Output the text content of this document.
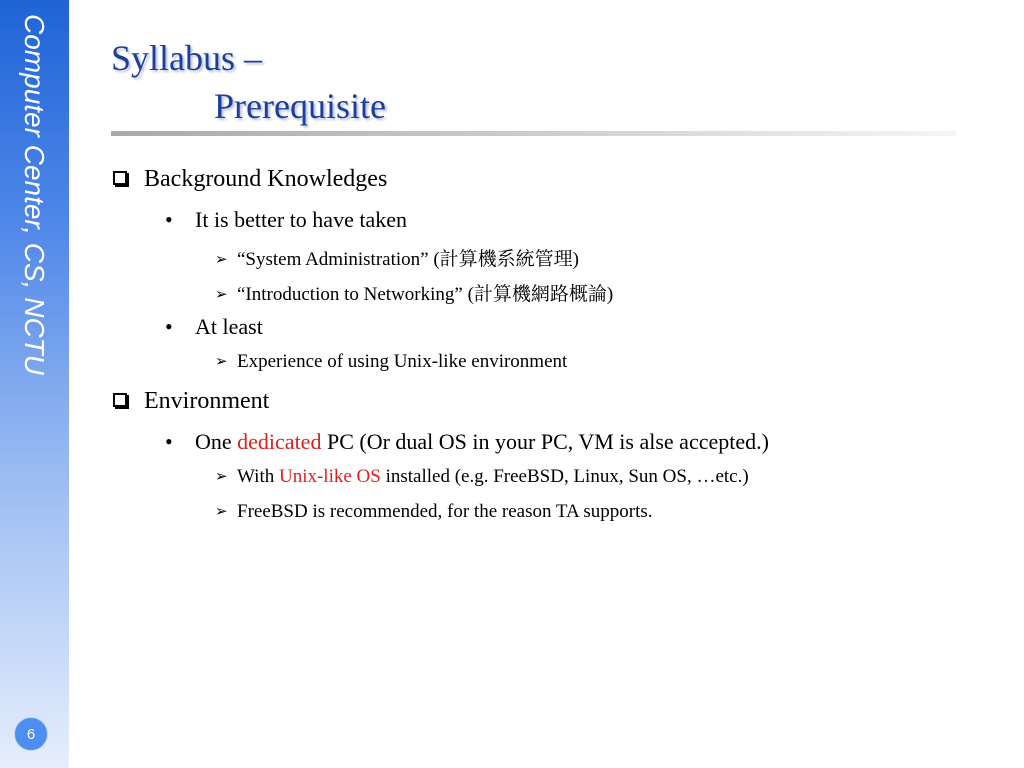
Computer Center, CS, NCTU
6
Syllabus –
Prerequisite
Background Knowledges
• It is better to have taken
➢ “System Administration” (計算機系統管理)
➢ “Introduction to Networking” (計算機網路概論)
• At least
➢ Experience of using Unix-like environment
Environment
• One dedicated PC (Or dual OS in your PC, VM is alse accepted.)
➢ With Unix-like OS installed (e.g. FreeBSD, Linux, Sun OS, …etc.)
➢ FreeBSD is recommended, for the reason TA supports.
